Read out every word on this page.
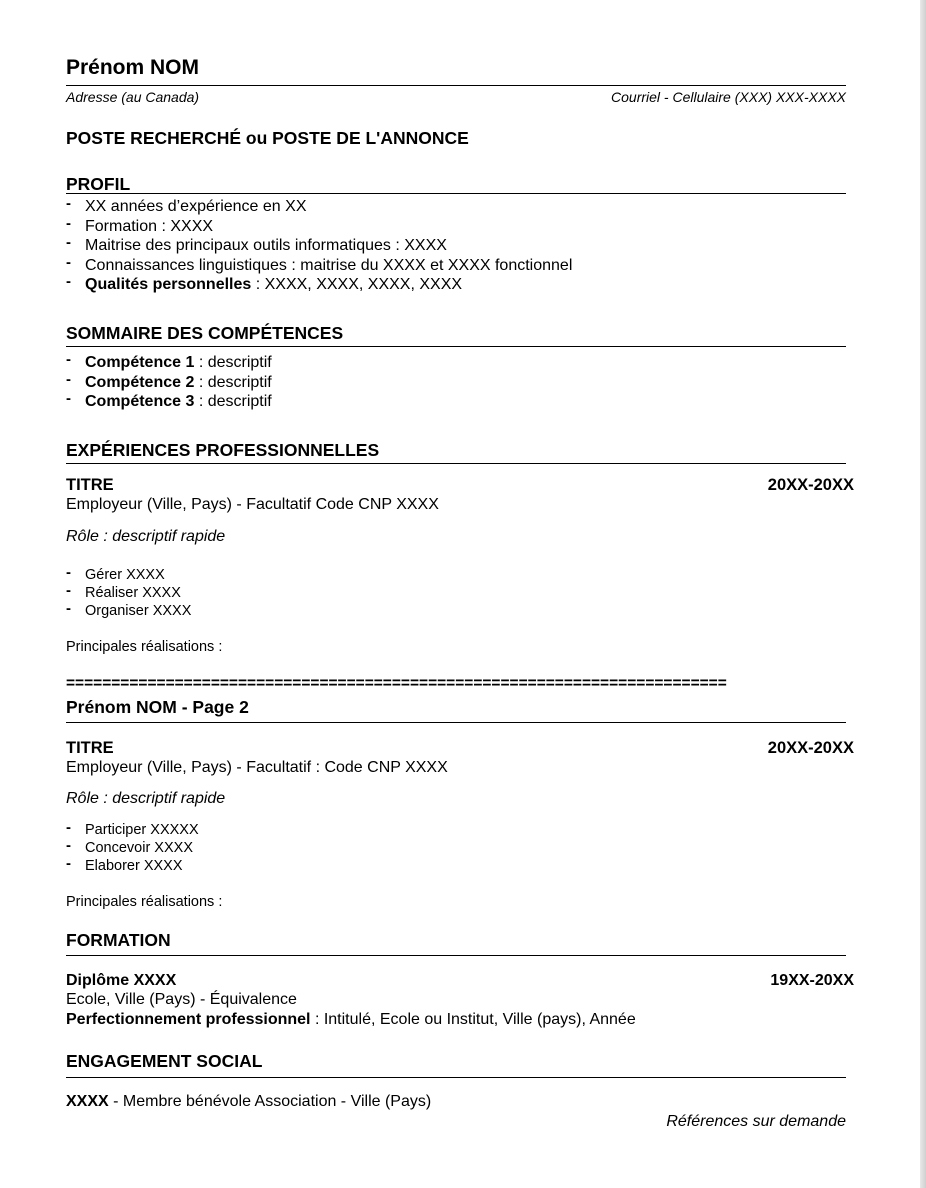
Prénom NOM
Adresse (au Canada)	Courriel - Cellulaire (XXX) XXX-XXXX
POSTE RECHERCHÉ ou POSTE DE L'ANNONCE
PROFIL
- XX années d’expérience en XX
- Formation : XXXX
- Maitrise des principaux outils informatiques : XXXX
- Connaissances linguistiques : maitrise du XXXX et XXXX fonctionnel
- Qualités personnelles : XXXX, XXXX, XXXX, XXXX
SOMMAIRE DES COMPÉTENCES
- Compétence 1 : descriptif
- Compétence 2 : descriptif
- Compétence 3 : descriptif
EXPÉRIENCES PROFESSIONNELLES
TITRE	20XX-20XX
Employeur (Ville, Pays) - Facultatif Code CNP XXXX
Rôle : descriptif rapide
- Gérer XXXX
- Réaliser XXXX
- Organiser XXXX
Principales réalisations :
=========================================================================
Prénom NOM - Page 2
TITRE	20XX-20XX
Employeur (Ville, Pays) - Facultatif : Code CNP XXXX
Rôle : descriptif rapide
- Participer XXXXX
- Concevoir XXXX
- Elaborer XXXX
Principales réalisations :
FORMATION
Diplôme XXXX	19XX-20XX
Ecole, Ville (Pays) - Équivalence
Perfectionnement professionnel : Intitulé, Ecole ou Institut, Ville (pays), Année
ENGAGEMENT SOCIAL
XXXX - Membre bénévole Association - Ville (Pays)
Références sur demande
